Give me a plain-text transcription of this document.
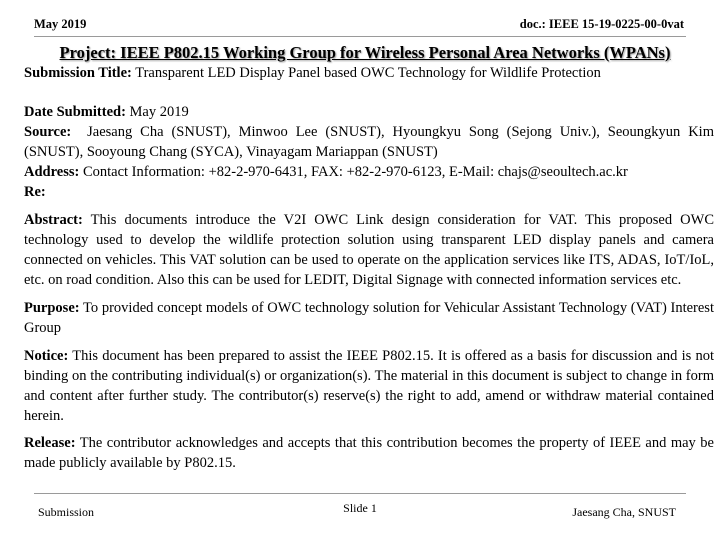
May 2019	doc.: IEEE 15-19-0225-00-0vat
Project: IEEE P802.15 Working Group for Wireless Personal Area Networks (WPANs)

Submission Title: Transparent LED Display Panel based OWC Technology for Wildlife Protection

Date Submitted: May 2019

Source: Jaesang Cha (SNUST), Minwoo Lee (SNUST), Hyoungkyu Song (Sejong Univ.), Seoungkyun Kim (SNUST), Sooyoung Chang (SYCA), Vinayagam Mariappan (SNUST)

Address: Contact Information: +82-2-970-6431, FAX: +82-2-970-6123, E-Mail: chajs@seoultech.ac.kr

Re:

Abstract: This documents introduce the V2I OWC Link design consideration for VAT. This proposed OWC technology used to develop the wildlife protection solution using transparent LED display panels and camera connected on vehicles. This VAT solution can be used to operate on the application services like ITS, ADAS, IoT/IoL, etc. on road condition. Also this can be used for LEDIT, Digital Signage with connected information services etc.

Purpose: To provided concept models of OWC technology solution for Vehicular Assistant Technology (VAT) Interest Group

Notice: This document has been prepared to assist the IEEE P802.15. It is offered as a basis for discussion and is not binding on the contributing individual(s) or organization(s). The material in this document is subject to change in form and content after further study. The contributor(s) reserve(s) the right to add, amend or withdraw material contained herein.

Release: The contributor acknowledges and accepts that this contribution becomes the property of IEEE and may be made publicly available by P802.15.

Submission	Slide 1	Jaesang Cha, SNUST
